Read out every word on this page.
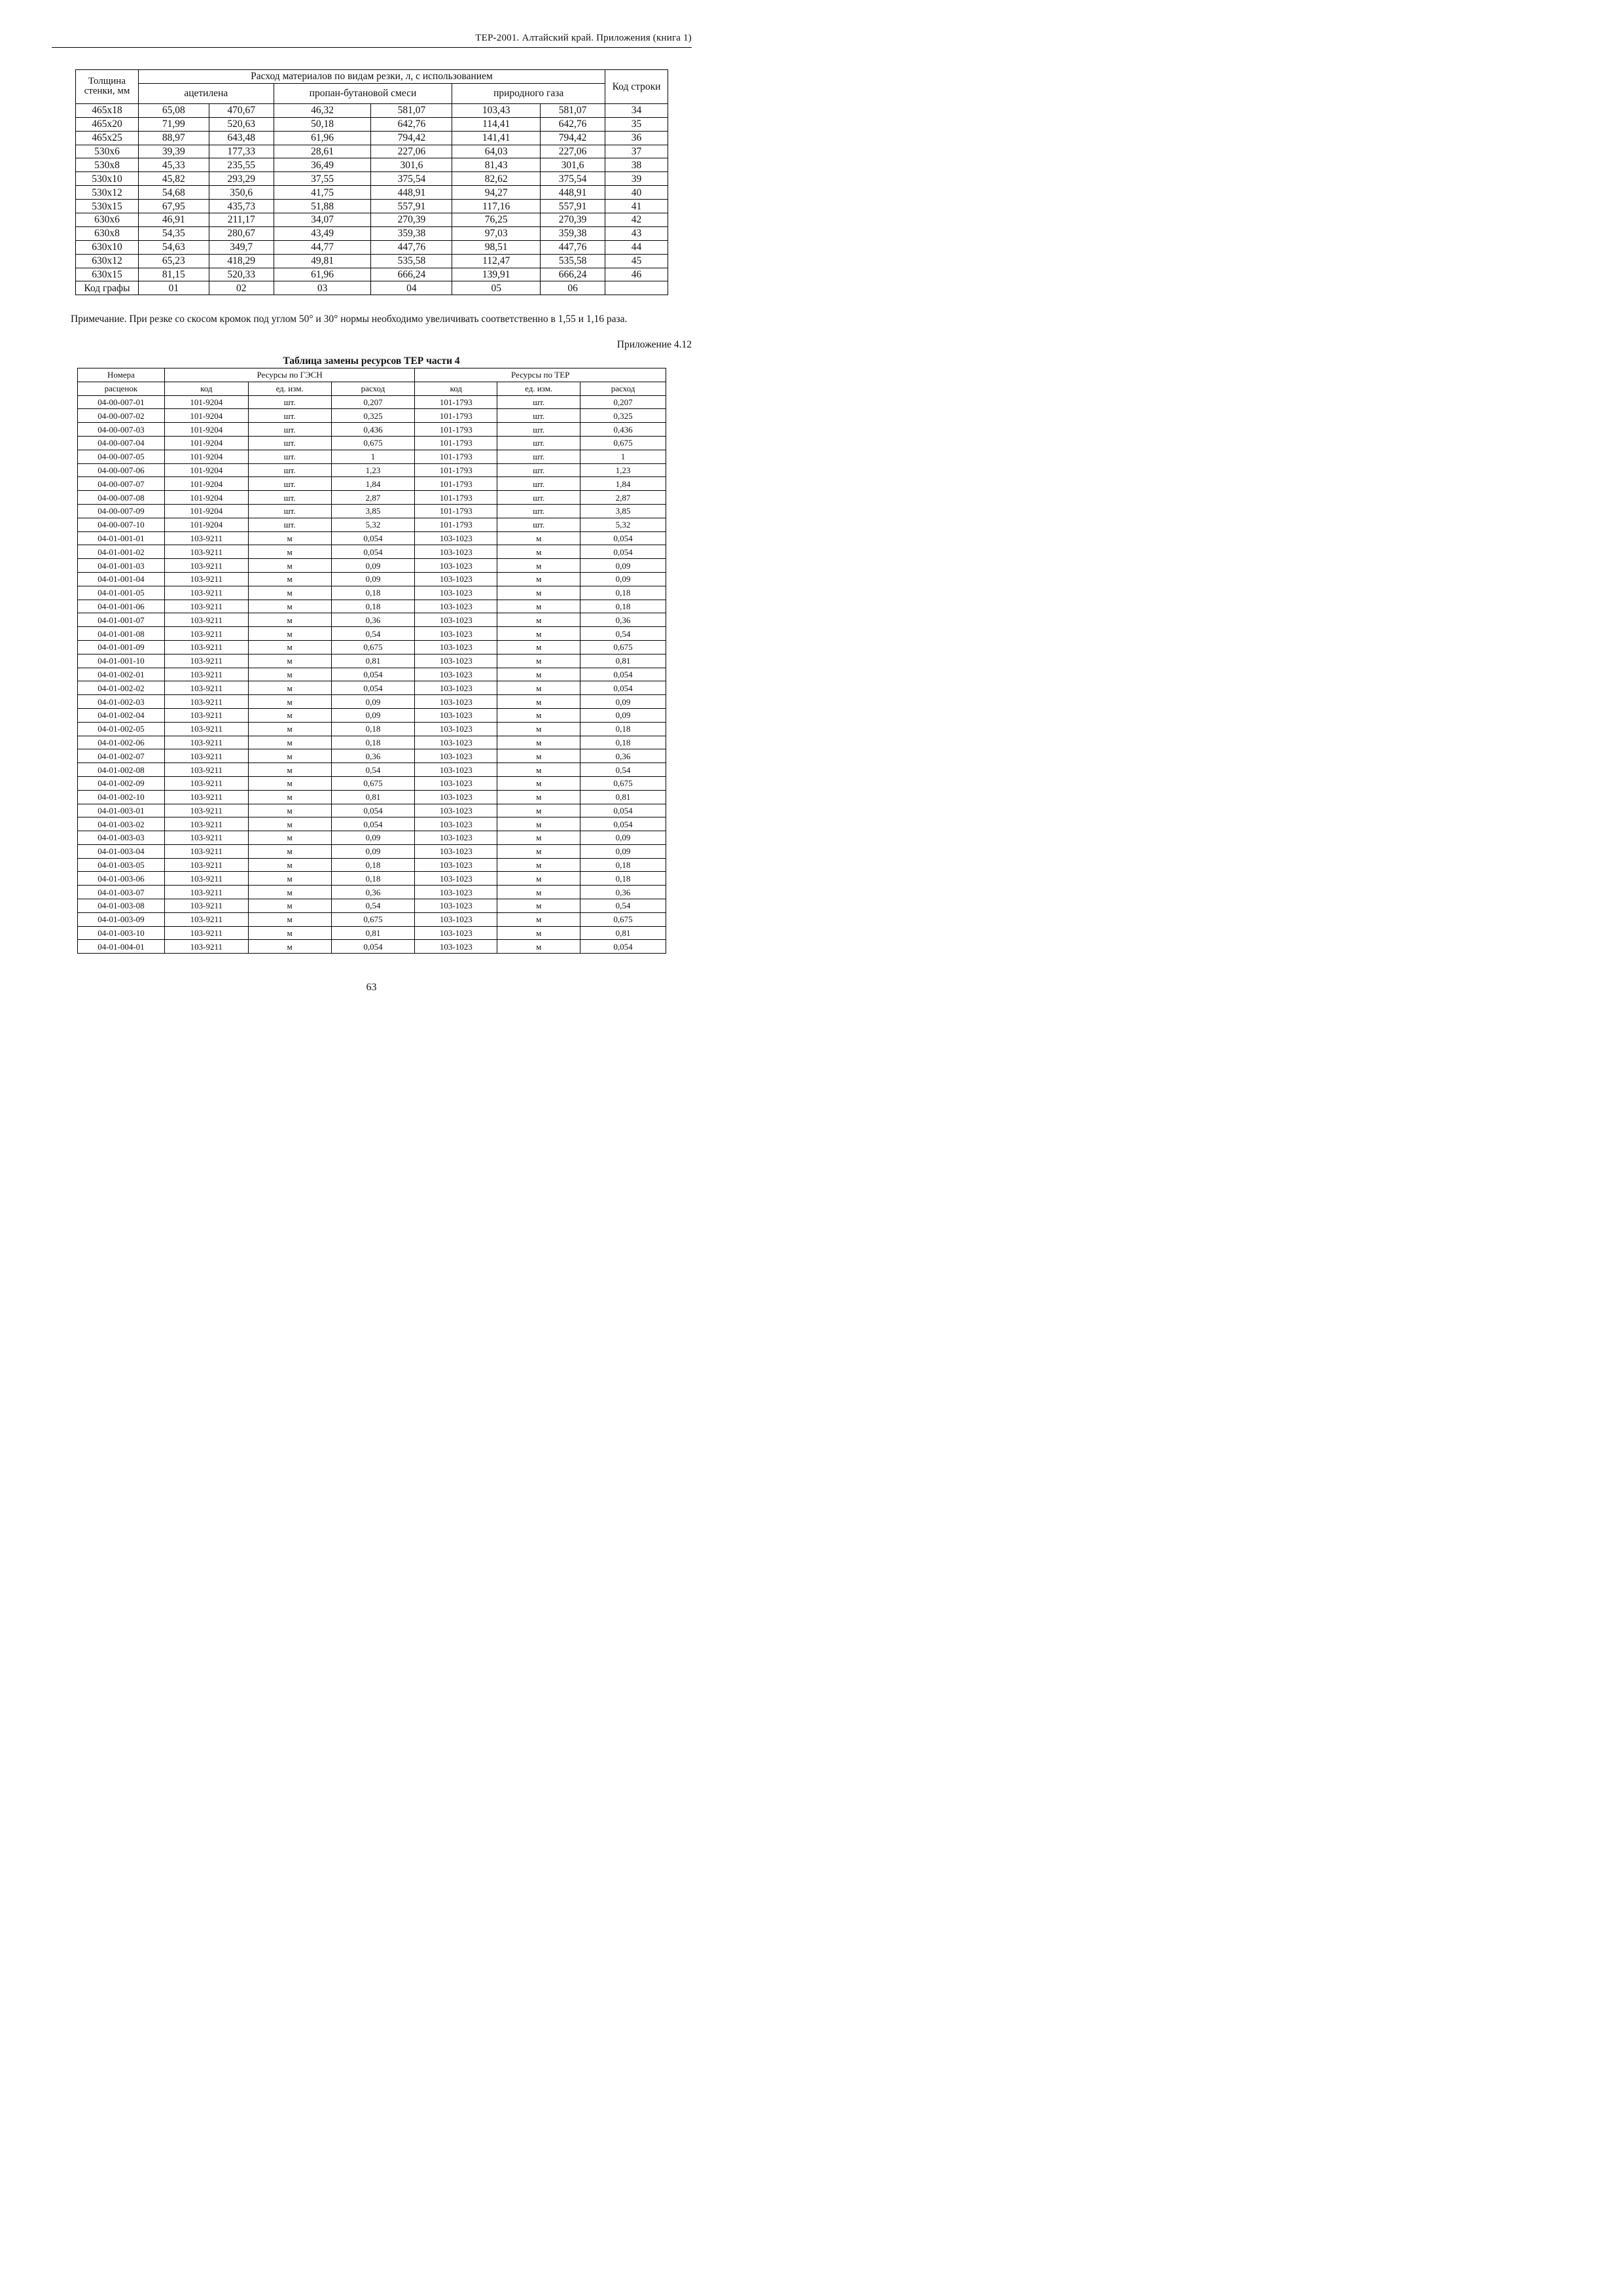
ТЕР-2001. Алтайский край. Приложения (книга 1)
Толщина стенки, мм	Расход материалов по видам резки, л, с использованием						Код строки
	ацетилена		пропан-бутановой смеси		природного газа		
465x18	65,08	470,67	46,32	581,07	103,43	581,07	34
465x20	71,99	520,63	50,18	642,76	114,41	642,76	35
465x25	88,97	643,48	61,96	794,42	141,41	794,42	36
530x6	39,39	177,33	28,61	227,06	64,03	227,06	37
530x8	45,33	235,55	36,49	301,6	81,43	301,6	38
530x10	45,82	293,29	37,55	375,54	82,62	375,54	39
530x12	54,68	350,6	41,75	448,91	94,27	448,91	40
530x15	67,95	435,73	51,88	557,91	117,16	557,91	41
630x6	46,91	211,17	34,07	270,39	76,25	270,39	42
630x8	54,35	280,67	43,49	359,38	97,03	359,38	43
630x10	54,63	349,7	44,77	447,76	98,51	447,76	44
630x12	65,23	418,29	49,81	535,58	112,47	535,58	45
630x15	81,15	520,33	61,96	666,24	139,91	666,24	46
Код графы	01	02	03	04	05	06	
Примечание. При резке со скосом кромок под углом 50° и 30° нормы необходимо увеличивать соответственно в 1,55 и 1,16 раза.
Приложение 4.12
Таблица замены ресурсов ТЕР части 4
Номера	Ресурсы по ГЭСН			Ресурсы по ТЕР		
расценок	код	ед. изм.	расход	код	ед. изм.	расход
04-00-007-01	101-9204	шт.	0,207	101-1793	шт.	0,207
04-00-007-02	101-9204	шт.	0,325	101-1793	шт.	0,325
04-00-007-03	101-9204	шт.	0,436	101-1793	шт.	0,436
04-00-007-04	101-9204	шт.	0,675	101-1793	шт.	0,675
04-00-007-05	101-9204	шт.	1	101-1793	шт.	1
04-00-007-06	101-9204	шт.	1,23	101-1793	шт.	1,23
04-00-007-07	101-9204	шт.	1,84	101-1793	шт.	1,84
04-00-007-08	101-9204	шт.	2,87	101-1793	шт.	2,87
04-00-007-09	101-9204	шт.	3,85	101-1793	шт.	3,85
04-00-007-10	101-9204	шт.	5,32	101-1793	шт.	5,32
04-01-001-01	103-9211	м	0,054	103-1023	м	0,054
04-01-001-02	103-9211	м	0,054	103-1023	м	0,054
04-01-001-03	103-9211	м	0,09	103-1023	м	0,09
04-01-001-04	103-9211	м	0,09	103-1023	м	0,09
04-01-001-05	103-9211	м	0,18	103-1023	м	0,18
04-01-001-06	103-9211	м	0,18	103-1023	м	0,18
04-01-001-07	103-9211	м	0,36	103-1023	м	0,36
04-01-001-08	103-9211	м	0,54	103-1023	м	0,54
04-01-001-09	103-9211	м	0,675	103-1023	м	0,675
04-01-001-10	103-9211	м	0,81	103-1023	м	0,81
04-01-002-01	103-9211	м	0,054	103-1023	м	0,054
04-01-002-02	103-9211	м	0,054	103-1023	м	0,054
04-01-002-03	103-9211	м	0,09	103-1023	м	0,09
04-01-002-04	103-9211	м	0,09	103-1023	м	0,09
04-01-002-05	103-9211	м	0,18	103-1023	м	0,18
04-01-002-06	103-9211	м	0,18	103-1023	м	0,18
04-01-002-07	103-9211	м	0,36	103-1023	м	0,36
04-01-002-08	103-9211	м	0,54	103-1023	м	0,54
04-01-002-09	103-9211	м	0,675	103-1023	м	0,675
04-01-002-10	103-9211	м	0,81	103-1023	м	0,81
04-01-003-01	103-9211	м	0,054	103-1023	м	0,054
04-01-003-02	103-9211	м	0,054	103-1023	м	0,054
04-01-003-03	103-9211	м	0,09	103-1023	м	0,09
04-01-003-04	103-9211	м	0,09	103-1023	м	0,09
04-01-003-05	103-9211	м	0,18	103-1023	м	0,18
04-01-003-06	103-9211	м	0,18	103-1023	м	0,18
04-01-003-07	103-9211	м	0,36	103-1023	м	0,36
04-01-003-08	103-9211	м	0,54	103-1023	м	0,54
04-01-003-09	103-9211	м	0,675	103-1023	м	0,675
04-01-003-10	103-9211	м	0,81	103-1023	м	0,81
04-01-004-01	103-9211	м	0,054	103-1023	м	0,054
63
